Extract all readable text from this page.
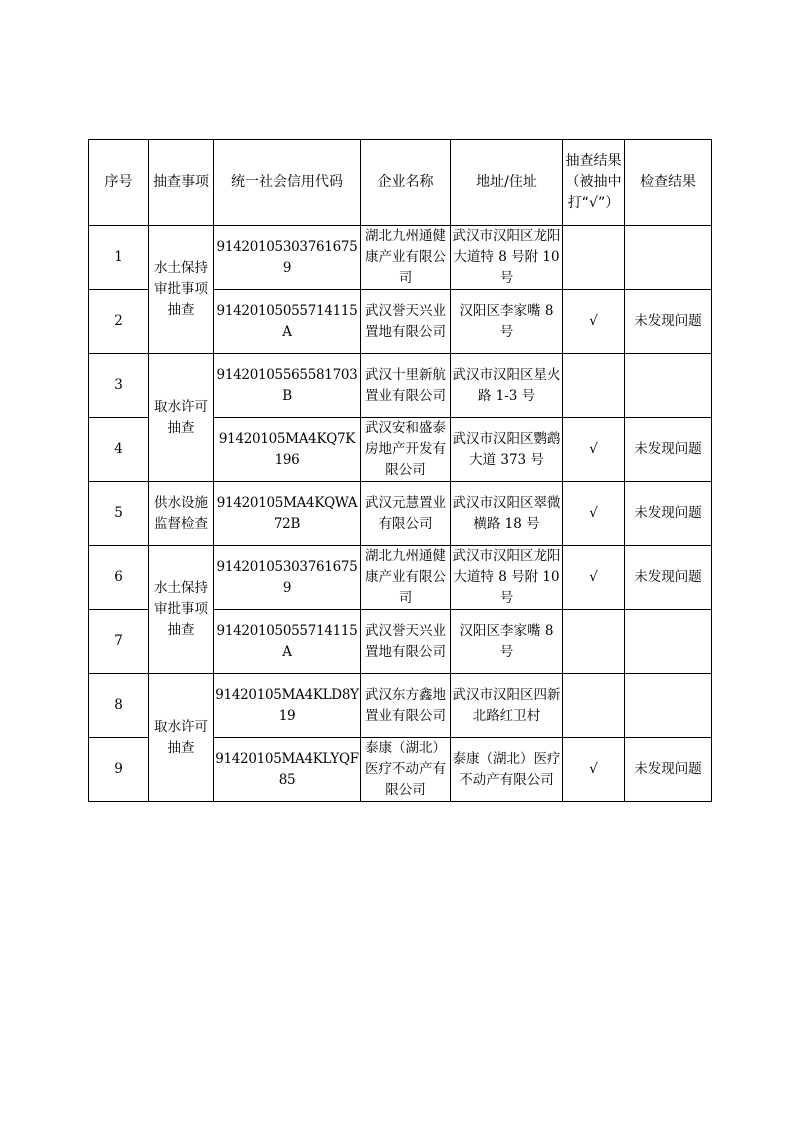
序号	抽查事项	统一社会信用代码	企业名称	地址/住址	抽查结果（被抽中打“√”）	检查结果
1	水土保持审批事项抽查	914201053037616759	湖北九州通健康产业有限公司	武汉市汉阳区龙阳大道特 8 号附 10 号		
2		91420105055714115A	武汉誉天兴业置地有限公司	汉阳区李家嘴 8 号	√	未发现问题
3	取水许可抽查	91420105565581703B	武汉十里新航置业有限公司	武汉市汉阳区星火路 1-3 号		
4		91420105MA4KQ7K196	武汉安和盛泰房地产开发有限公司	武汉市汉阳区鹦鹉大道 373 号	√	未发现问题
5	供水设施监督检查	91420105MA4KQWA72B	武汉元慧置业有限公司	武汉市汉阳区翠微横路 18 号	√	未发现问题
6	水土保持审批事项抽查	914201053037616759	湖北九州通健康产业有限公司	武汉市汉阳区龙阳大道特 8 号附 10 号	√	未发现问题
7		91420105055714115A	武汉誉天兴业置地有限公司	汉阳区李家嘴 8 号		
8	取水许可抽查	91420105MA4KLD8Y19	武汉东方鑫地置业有限公司	武汉市汉阳区四新北路红卫村		
9		91420105MA4KLYQF85	泰康（湖北）医疗不动产有限公司	泰康（湖北）医疗不动产有限公司	√	未发现问题
